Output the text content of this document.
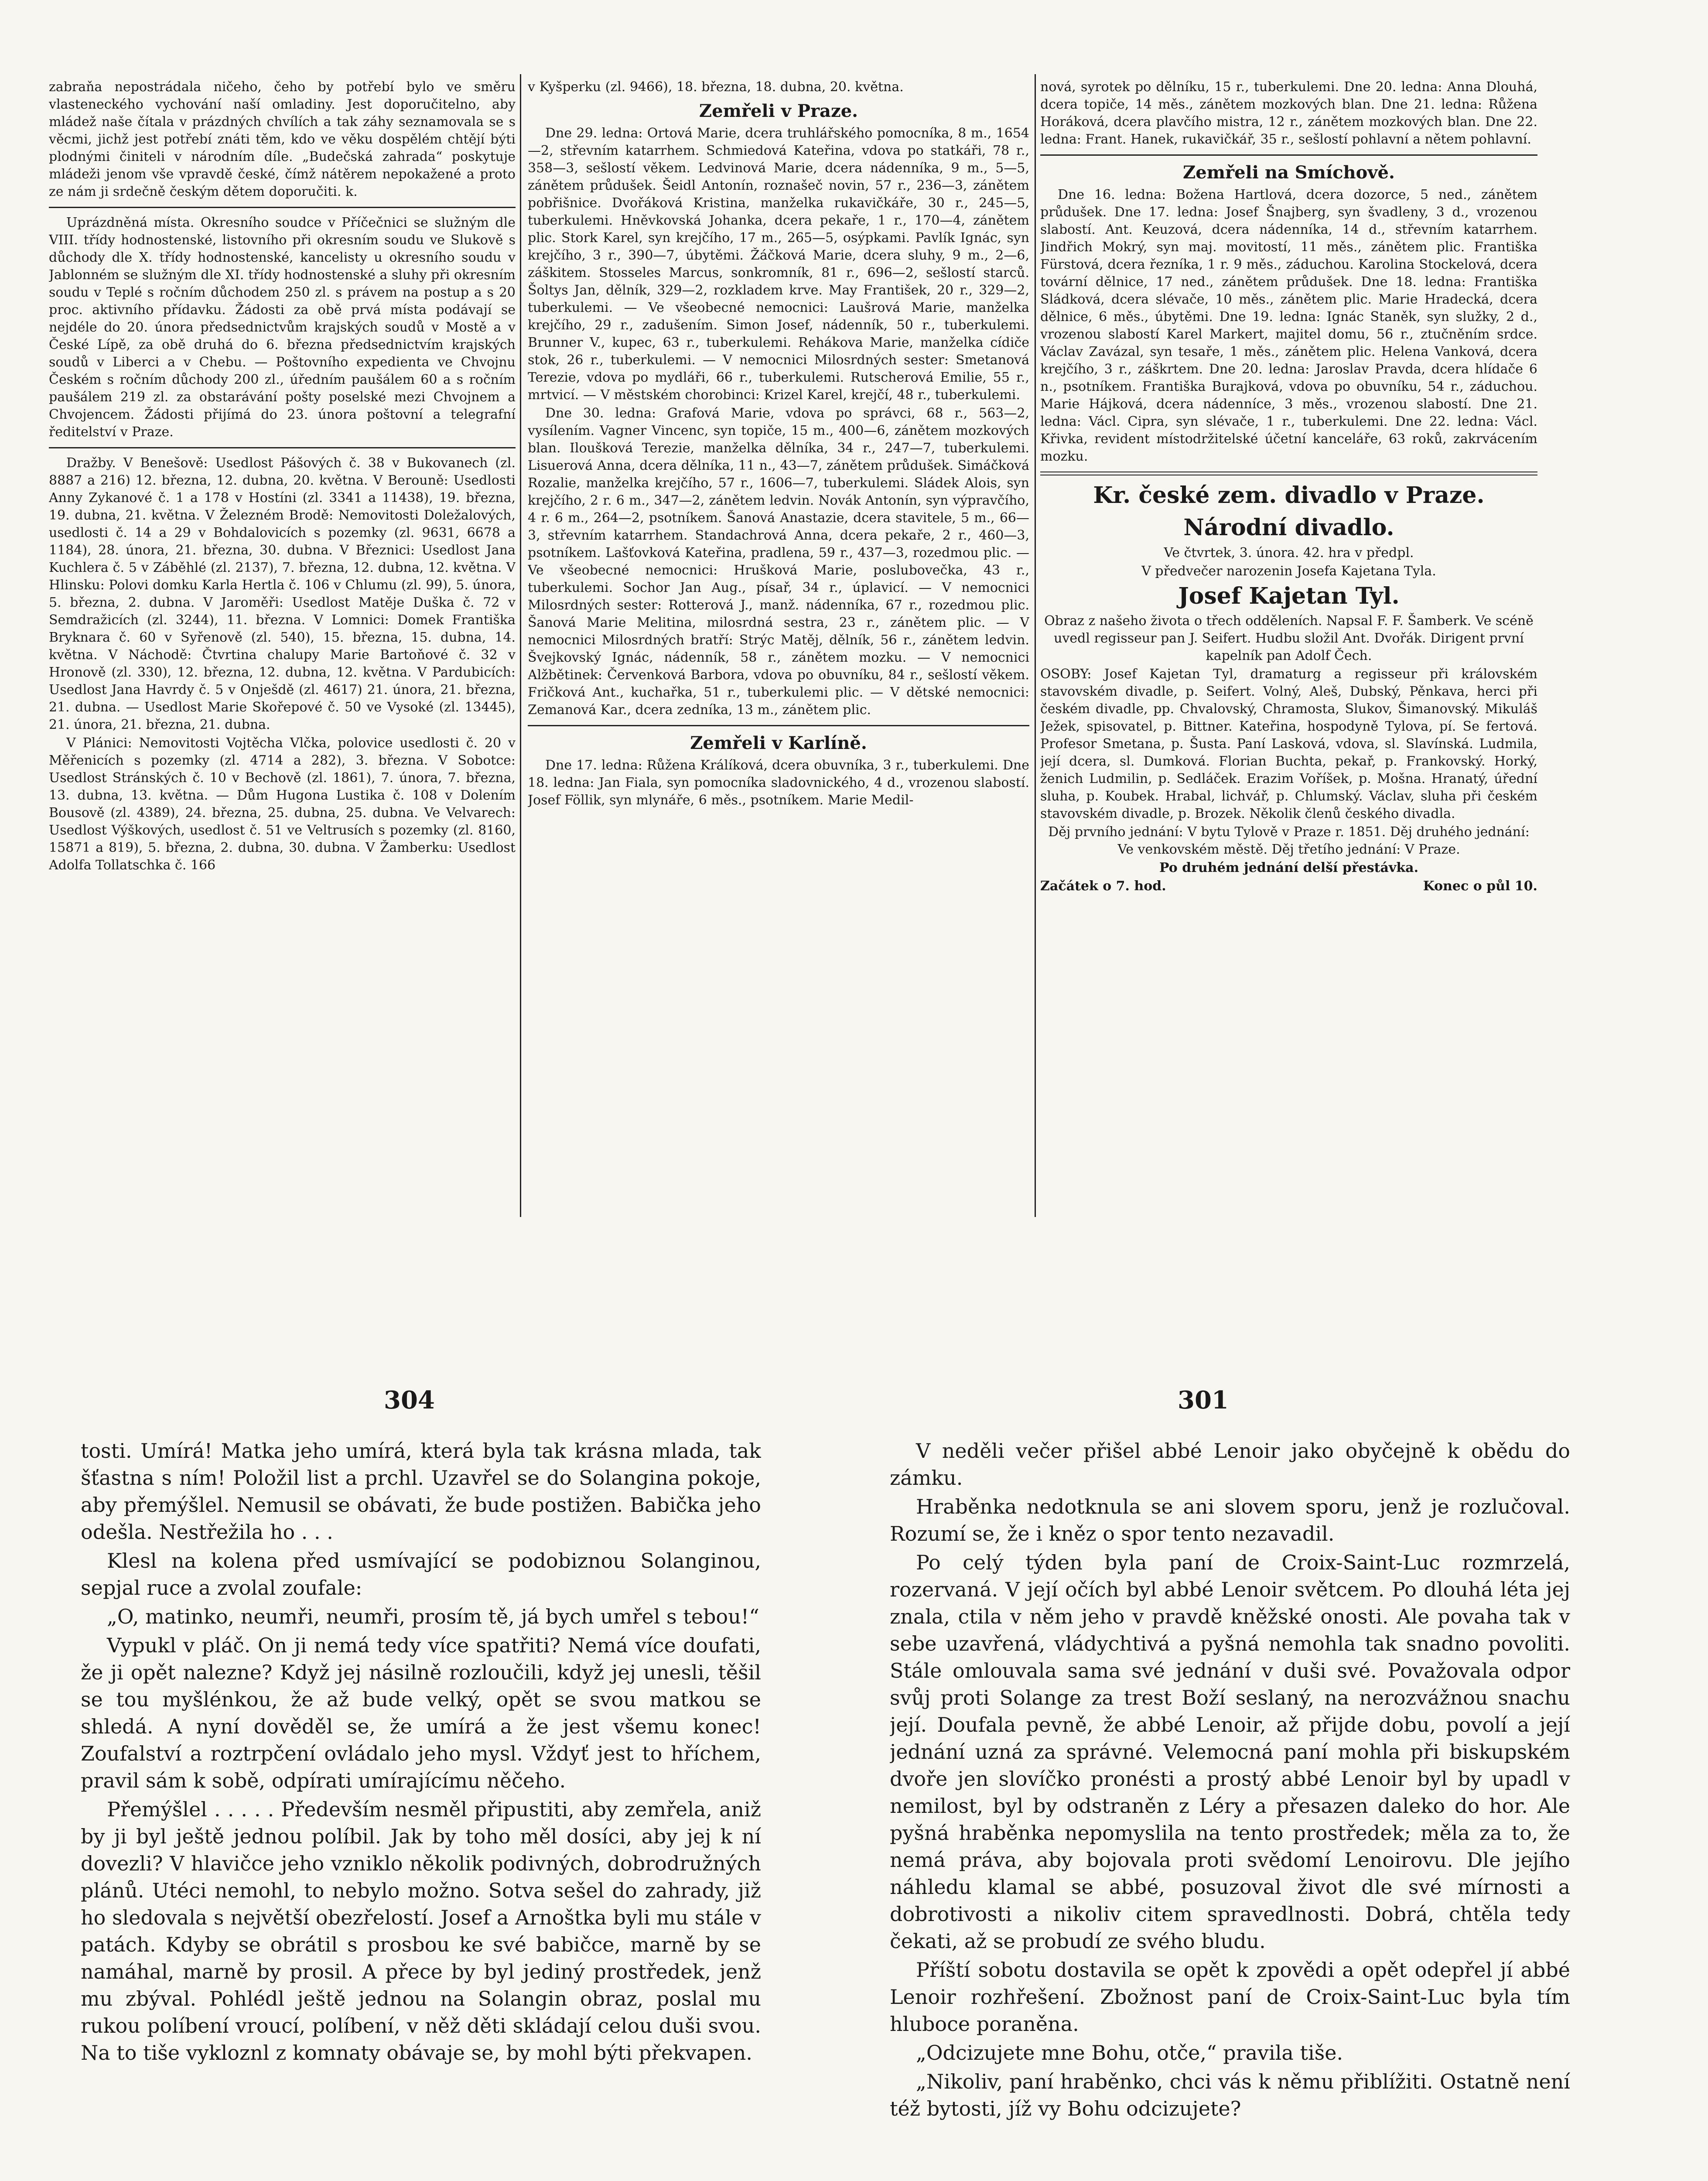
zabraňa nepostrádala ničeho, čeho by potřebí bylo ve směru vlasteneckého vychování naší omladiny. Jest doporučitelno, aby mládež naše čítala v prázdných chvílích a tak záhy seznamovala se s věcmi, jichž jest potřebí znáti těm, kdo ve věku dospělém chtějí býti plodnými činiteli v národním díle. „Budečská zahrada“ poskytuje mládeži jenom vše vpravdě české, čímž nátěrem nepokažené a proto ze nám ji srdečně českým dětem doporučiti. k.

Uprázdněná místa. Okresního soudce v Příčečnici se služným dle VIII. třídy hodnostenské, listovního při okresním soudu ve Slukově s důchody dle X. třídy hodnostenské, kancelisty u okresního soudu v Jablonném se služným dle XI. třídy hodnostenské a sluhy při okresním soudu v Teplé s ročním důchodem 250 zl. s právem na postup a s 20 proc. aktivního přídavku. Žádosti za obě prvá místa podávají se nejdéle do 20. února předsednictvům krajských soudů v Mostě a v České Lípě, za obě druhá do 6. března předsednictvím krajských soudů v Liberci a v Chebu. — Poštovního expedienta ve Chvojnu Českém s ročním důchody 200 zl., úředním paušálem 60 a s ročním paušálem 219 zl. za obstarávání pošty poselské mezi Chvojnem a Chvojencem. Žádosti přijímá do 23. února poštovní a telegrafní ředitelství v Praze.

Dražby. V Benešově: Usedlost Pášových č. 38 v Bukovanech (zl. 8887 a 216) 12. března, 12. dubna, 20. května. V Berouně: Usedlosti Anny Zykanové č. 1 a 178 v Hostíni (zl. 3341 a 11438), 19. března, 19. dubna, 21. května. V Železném Brodě: Nemovitosti Doležalových, usedlosti č. 14 a 29 v Bohdalovicích s pozemky (zl. 9631, 6678 a 1184), 28. února, 21. března, 30. dubna. V Březnici: Usedlost Jana Kuchlera č. 5 v Záběhlé (zl. 2137), 7. března, 12. dubna, 12. května. V Hlinsku: Polovi domku Karla Hertla č. 106 v Chlumu (zl. 99), 5. února, 5. března, 2. dubna. V Jaroměři: Usedlost Matěje Duška č. 72 v Semdražicích (zl. 3244), 11. března. V Lomnici: Domek Františka Bryknara č. 60 v Syřenově (zl. 540), 15. března, 15. dubna, 14. května. V Náchodě: Čtvrtina chalupy Marie Bartoňové č. 32 v Hronově (zl. 330), 12. března, 12. dubna, 12. května. V Pardubicích: Usedlost Jana Havrdy č. 5 v Onješdě (zl. 4617) 21. února, 21. března, 21. dubna. — Usedlost Marie Skořepové č. 50 ve Vysoké (zl. 13445), 21. února, 21. března, 21. dubna.

V Plánici: Nemovitosti Vojtěcha Vlčka, polovice usedlosti č. 20 v Měřenicích s pozemky (zl. 4714 a 282), 3. března. V Sobotce: Usedlost Stránských č. 10 v Bechově (zl. 1861), 7. února, 7. března, 13. dubna, 13. května. — Dům Hugona Lustika č. 108 v Dolením Bousově (zl. 4389), 24. března, 25. dubna, 25. dubna. Ve Velvarech: Usedlost Výškových, usedlost č. 51 ve Veltrusích s pozemky (zl. 8160, 15871 a 819), 5. března, 2. dubna, 30. dubna. V Žamberku: Usedlost Adolfa Tollatschka č. 166

v Kyšperku (zl. 9466), 18. března, 18. dubna, 20. května.

Zemřeli v Praze.

Dne 29. ledna: Ortová Marie, dcera truhlářského pomocníka, 8 m., 1654—2, střevním katarrhem. Schmiedová Kateřina, vdova po statkáři, 78 r., 358—3, sešlostí věkem. Ledvinová Marie, dcera nádenníka, 9 m., 5—5, zánětem průdušek. Šeidl Antonín, roznašeč novin, 57 r., 236—3, zánětem pobřišnice. Dvořáková Kristina, manželka rukavičkáře, 30 r., 245—5, tuberkulemi. Hněvkovská Johanka, dcera pekaře, 1 r., 170—4, zánětem plic. Stork Karel, syn krejčího, 17 m., 265—5, osýpkami. Pavlík Ignác, syn krejčího, 3 r., 390—7, úbytěmi. Žáčková Marie, dcera sluhy, 9 m., 2—6, záškitem. Stosseles Marcus, sonkromník, 81 r., 696—2, sešlostí starců. Šoltys Jan, dělník, 329—2, rozkladem krve. May František, 20 r., 329—2, tuberkulemi. — Ve všeobecné nemocnici: Laušrová Marie, manželka krejčího, 29 r., zadušením. Simon Josef, nádenník, 50 r., tuberkulemi. Brunner V., kupec, 63 r., tuberkulemi. Rehákova Marie, manželka cídiče stok, 26 r., tuberkulemi. — V nemocnici Milosrdných sester: Smetanová Terezie, vdova po mydláři, 66 r., tuberkulemi. Rutscherová Emilie, 55 r., mrtvicí. — V městském chorobinci: Krizel Karel, krejčí, 48 r., tuberkulemi.

Dne 30. ledna: Grafová Marie, vdova po správci, 68 r., 563—2, vysílením. Vagner Vincenc, syn topiče, 15 m., 400—6, zánětem mozkových blan. Iloušková Terezie, manželka dělníka, 34 r., 247—7, tuberkulemi. Lisuerová Anna, dcera dělníka, 11 n., 43—7, zánětem průdušek. Simáčková Rozalie, manželka krejčího, 57 r., 1606—7, tuberkulemi. Sládek Alois, syn krejčího, 2 r. 6 m., 347—2, zánětem ledvin. Novák Antonín, syn výpravčího, 4 r. 6 m., 264—2, psotníkem. Šanová Anastazie, dcera stavitele, 5 m., 66—3, střevním katarrhem. Standachrová Anna, dcera pekaře, 2 r., 460—3, psotníkem. Lašťovková Kateřina, pradlena, 59 r., 437—3, rozedmou plic. — Ve všeobecné nemocnici: Hrušková Marie, poslubovečka, 43 r., tuberkulemi. Sochor Jan Aug., písař, 34 r., úplavicí. — V nemocnici Milosrdných sester: Rotterová J., manž. nádenníka, 67 r., rozedmou plic. Šanová Marie Melitina, milosrdná sestra, 23 r., zánětem plic. — V nemocnici Milosrdných bratří: Strýc Matěj, dělník, 56 r., zánětem ledvin. Švejkovský Ignác, nádenník, 58 r., zánětem mozku. — V nemocnici Alžbětinek: Červenková Barbora, vdova po obuvníku, 84 r., sešlostí věkem. Fričková Ant., kuchařka, 51 r., tuberkulemi plic. — V dětské nemocnici: Zemanová Kar., dcera zedníka, 13 m., zánětem plic.

Zemřeli v Karlíně.

Dne 17. ledna: Růžena Králíková, dcera obuvníka, 3 r., tuberkulemi. Dne 18. ledna: Jan Fiala, syn pomocníka sladovnického, 4 d., vrozenou slabostí. Josef Föllik, syn mlynáře, 6 měs., psotníkem. Marie Medil-

nová, syrotek po dělníku, 15 r., tuberkulemi. Dne 20. ledna: Anna Dlouhá, dcera topiče, 14 měs., zánětem mozkových blan. Dne 21. ledna: Růžena Horáková, dcera plavčího mistra, 12 r., zánětem mozkových blan. Dne 22. ledna: Frant. Hanek, rukavičkář, 35 r., sešlostí pohlavní a nětem pohlavní.

Zemřeli na Smíchově.

Dne 16. ledna: Božena Hartlová, dcera dozorce, 5 ned., zánětem průdušek. Dne 17. ledna: Josef Šnajberg, syn švadleny, 3 d., vrozenou slabostí. Ant. Keuzová, dcera nádenníka, 14 d., střevním katarrhem. Jindřich Mokrý, syn maj. movitostí, 11 měs., zánětem plic. Františka Fürstová, dcera řezníka, 1 r. 9 měs., záduchou. Karolina Stockelová, dcera tovární dělnice, 17 ned., zánětem průdušek. Dne 18. ledna: Františka Sládková, dcera slévače, 10 měs., zánětem plic. Marie Hradecká, dcera dělnice, 6 měs., úbytěmi. Dne 19. ledna: Ignác Staněk, syn služky, 2 d., vrozenou slabostí Karel Markert, majitel domu, 56 r., ztučněním srdce. Václav Zavázal, syn tesaře, 1 měs., zánětem plic. Helena Vanková, dcera krejčího, 3 r., záškrtem. Dne 20. ledna: Jaroslav Pravda, dcera hlídače 6 n., psotníkem. Františka Burajková, vdova po obuvníku, 54 r., záduchou. Marie Hájková, dcera nádenníce, 3 měs., vrozenou slabostí. Dne 21. ledna: Václ. Cipra, syn slévače, 1 r., tuberkulemi. Dne 22. ledna: Václ. Křivka, revident místodržitelské účetní kanceláře, 63 roků, zakrvácením mozku.

Kr. české zem. divadlo v Praze.
Národní divadlo.

Ve čtvrtek, 3. února. 42. hra v předpl.

V předvečer narozenin Josefa Kajetana Tyla.

Josef Kajetan Tyl.

Obraz z našeho života o třech odděleních. Napsal F. F. Šamberk. Ve scéně uvedl regisseur pan J. Seifert. Hudbu složil Ant. Dvořák. Dirigent první kapelník pan Adolf Čech.

OSOBY: Josef Kajetan Tyl, dramaturg a regisseur při královském stavovském divadle, p. Seifert. Volný, Aleš, Dubský, Pěnkava, herci při českém divadle, pp. Chvalovský, Chramosta, Slukov, Šimanovský. Mikuláš Ježek, spisovatel, p. Bittner. Kateřina, hospodyně Tylova, pí. Se fertová. Profesor Smetana, p. Šusta. Paní Lasková, vdova, sl. Slavínská. Ludmila, její dcera, sl. Dumková. Florian Buchta, pekař, p. Frankovský. Horký, ženich Ludmilin, p. Sedláček. Erazim Voříšek, p. Mošna. Hranatý, úřední sluha, p. Koubek. Hrabal, lichvář, p. Chlumský. Václav, sluha při českém stavovském divadle, p. Brozek. Několik členů českého divadla.

Děj prvního jednání: V bytu Tylově v Praze r. 1851. Děj druhého jednání: Ve venkovském městě. Děj třetího jednání: V Praze.

Po druhém jednání delší přestávka.

Začátek o 7. hod.	Konec o půl 10.

304	301

tosti. Umírá! Matka jeho umírá, která byla tak krásna mlada, tak šťastna s ním! Položil list a prchl. Uzavřel se do Solangina pokoje, aby přemýšlel. Nemusil se obávati, že bude postižen. Babička jeho odešla. Nestřežila ho . . .

Klesl na kolena před usmívající se podobiznou Solanginou, sepjal ruce a zvolal zoufale:

„O, matinko, neumři, neumři, prosím tě, já bych umřel s tebou!“

Vypukl v pláč. On ji nemá tedy více spatřiti? Nemá více doufati, že ji opět nalezne? Když jej násilně rozloučili, když jej unesli, těšil se tou myšlénkou, že až bude velký, opět se svou matkou se shledá. A nyní dověděl se, že umírá a že jest všemu konec! Zoufalství a roztrpčení ovládalo jeho mysl. Vždyť jest to hříchem, pravil sám k sobě, odpírati umírajícímu něčeho.

Přemýšlel . . . . . Především nesměl připustiti, aby zemřela, aniž by ji byl ještě jednou políbil. Jak by toho měl dosíci, aby jej k ní dovezli? V hlavičce jeho vzniklo několik podivných, dobrodružných plánů. Utéci nemohl, to nebylo možno. Sotva sešel do zahrady, již ho sledovala s největší obezřelostí. Josef a Arnoštka byli mu stále v patách. Kdyby se obrátil s prosbou ke své babičce, marně by se namáhal, marně by prosil. A přece by byl jediný prostředek, jenž mu zbýval. Pohlédl ještě jednou na Solangin obraz, poslal mu rukou políbení vroucí, políbení, v něž děti skládají celou duši svou. Na to tiše vykloznl z komnaty obávaje se, by mohl býti překvapen.

V neděli večer přišel abbé Lenoir jako obyčejně k obědu do zámku.

Hraběnka nedotknula se ani slovem sporu, jenž je rozlučoval. Rozumí se, že i kněz o spor tento nezavadil.

Po celý týden byla paní de Croix-Saint-Luc rozmrzelá, rozervaná. V její očích byl abbé Lenoir světcem. Po dlouhá léta jej znala, ctila v něm jeho v pravdě kněžské onosti. Ale povaha tak v sebe uzavřená, vládychtivá a pyšná nemohla tak snadno povoliti. Stále omlouvala sama své jednání v duši své. Považovala odpor svůj proti Solange za trest Boží seslaný, na nerozvážnou snachu její. Doufala pevně, že abbé Lenoir, až přijde dobu, povolí a její jednání uzná za správné. Velemocná paní mohla při biskupském dvoře jen slovíčko pronésti a prostý abbé Lenoir byl by upadl v nemilost, byl by odstraněn z Léry a přesazen daleko do hor. Ale pyšná hraběnka nepomyslila na tento prostředek; měla za to, že nemá práva, aby bojovala proti svědomí Lenoirovu. Dle jejího náhledu klamal se abbé, posuzoval život dle své mírnosti a dobrotivosti a nikoliv citem spravedlnosti. Dobrá, chtěla tedy čekati, až se probudí ze svého bludu.

Příští sobotu dostavila se opět k zpovědi a opět odepřel jí abbé Lenoir rozhřešení. Zbožnost paní de Croix-Saint-Luc byla tím hluboce poraněna.

„Odcizujete mne Bohu, otče,“ pravila tiše.

„Nikoliv, paní hraběnko, chci vás k němu přiblížiti. Ostatně není též bytosti, jíž vy Bohu odcizujete?
